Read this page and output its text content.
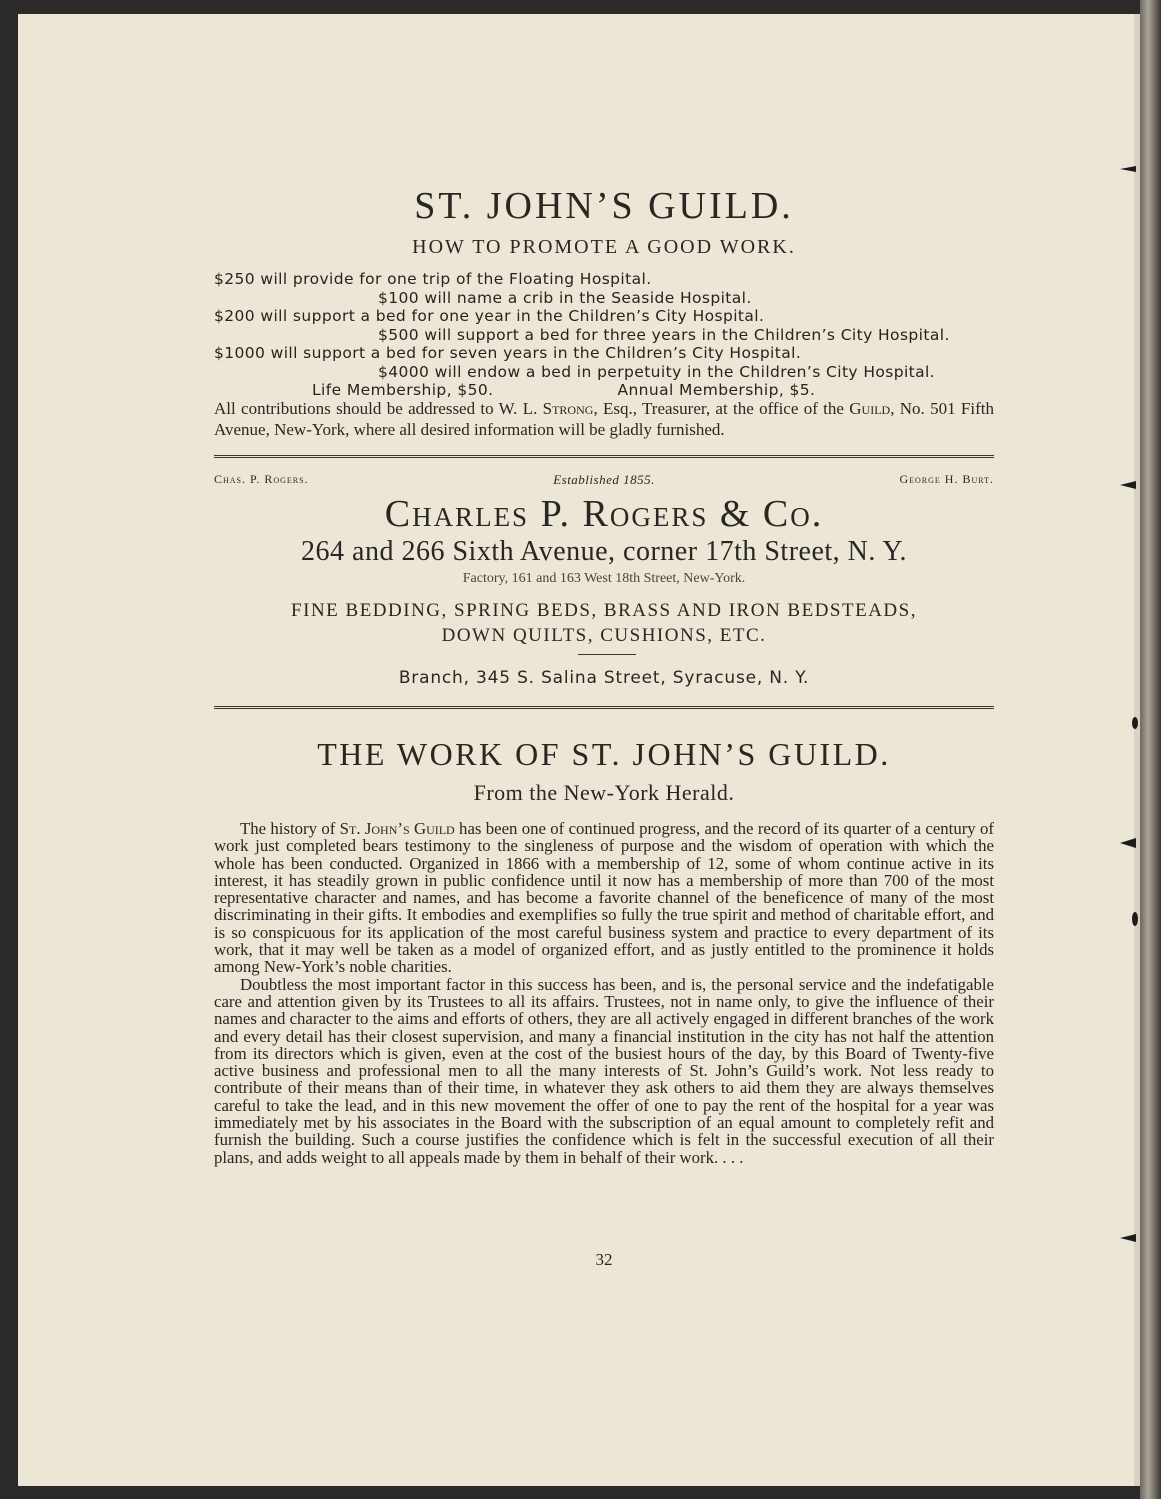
ST. JOHN’S GUILD.
HOW TO PROMOTE A GOOD WORK.
$250 will provide for one trip of the Floating Hospital.
$100 will name a crib in the Seaside Hospital.
$200 will support a bed for one year in the Children’s City Hospital.
$500 will support a bed for three years in the Children’s City Hospital.
$1000 will support a bed for seven years in the Children’s City Hospital.
$4000 will endow a bed in perpetuity in the Children’s City Hospital.
Life Membership, $50.	Annual Membership, $5.
All contributions should be addressed to W. L. Strong, Esq., Treasurer, at the office of the Guild, No. 501 Fifth Avenue, New-York, where all desired information will be gladly furnished.
Chas. P. Rogers.	Established 1855.	George H. Burt.
Charles P. Rogers & Co.
264 and 266 Sixth Avenue, corner 17th Street, N. Y.
Factory, 161 and 163 West 18th Street, New-York.
FINE BEDDING, SPRING BEDS, BRASS AND IRON BEDSTEADS,
DOWN QUILTS, CUSHIONS, ETC.
Branch, 345 S. Salina Street, Syracuse, N. Y.
THE WORK OF ST. JOHN’S GUILD.
From the New-York Herald.

The history of St. John’s Guild has been one of continued progress, and the record of its quarter of a century of work just completed bears testimony to the singleness of purpose and the wisdom of operation with which the whole has been conducted. Organized in 1866 with a membership of 12, some of whom continue active in its interest, it has steadily grown in public confidence until it now has a membership of more than 700 of the most representative character and names, and has become a favorite channel of the beneficence of many of the most discriminating in their gifts. It embodies and exemplifies so fully the true spirit and method of charitable effort, and is so conspicuous for its application of the most careful business system and practice to every department of its work, that it may well be taken as a model of organized effort, and as justly entitled to the prominence it holds among New-York’s noble charities.

Doubtless the most important factor in this success has been, and is, the personal service and the indefatigable care and attention given by its Trustees to all its affairs. Trustees, not in name only, to give the influence of their names and character to the aims and efforts of others, they are all actively engaged in different branches of the work and every detail has their closest supervision, and many a financial institution in the city has not half the attention from its directors which is given, even at the cost of the busiest hours of the day, by this Board of Twenty-five active business and professional men to all the many interests of St. John’s Guild’s work. Not less ready to contribute of their means than of their time, in whatever they ask others to aid them they are always themselves careful to take the lead, and in this new movement the offer of one to pay the rent of the hospital for a year was immediately met by his associates in the Board with the subscription of an equal amount to completely refit and furnish the building. Such a course justifies the confidence which is felt in the successful execution of all their plans, and adds weight to all appeals made by them in behalf of their work. . . .

32
